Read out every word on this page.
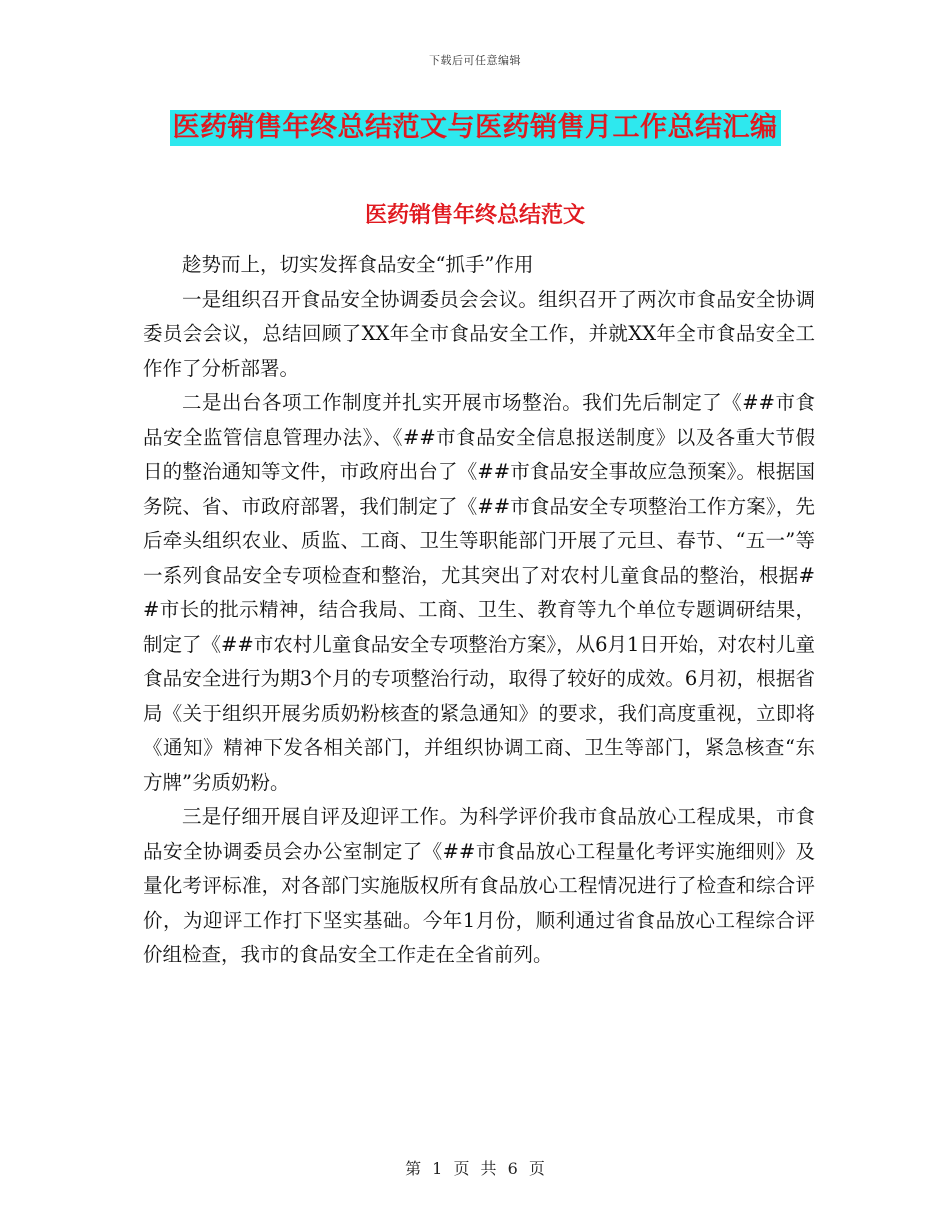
下载后可任意编辑
医药销售年终总结范文与医药销售月工作总结汇编
医药销售年终总结范文

趁势而上，切实发挥食品安全“抓手”作用

一是组织召开食品安全协调委员会会议。组织召开了两次市食品安全协调委员会会议，总结回顾了XX年全市食品安全工作，并就XX年全市食品安全工作作了分析部署。

二是出台各项工作制度并扎实开展市场整治。我们先后制定了《##市食品安全监管信息管理办法》、《##市食品安全信息报送制度》以及各重大节假日的整治通知等文件，市政府出台了《##市食品安全事故应急预案》。根据国务院、省、市政府部署，我们制定了《##市食品安全专项整治工作方案》，先后牵头组织农业、质监、工商、卫生等职能部门开展了元旦、春节、“五一”等一系列食品安全专项检查和整治，尤其突出了对农村儿童食品的整治，根据##市长的批示精神，结合我局、工商、卫生、教育等九个单位专题调研结果，制定了《##市农村儿童食品安全专项整治方案》，从6月1日开始，对农村儿童食品安全进行为期3个月的专项整治行动，取得了较好的成效。6月初，根据省局《关于组织开展劣质奶粉核查的紧急通知》的要求，我们高度重视，立即将《通知》精神下发各相关部门，并组织协调工商、卫生等部门，紧急核查“东方牌”劣质奶粉。

三是仔细开展自评及迎评工作。为科学评价我市食品放心工程成果，市食品安全协调委员会办公室制定了《##市食品放心工程量化考评实施细则》及量化考评标准，对各部门实施版权所有食品放心工程情况进行了检查和综合评价，为迎评工作打下坚实基础。今年1月份，顺利通过省食品放心工程综合评价组检查，我市的食品安全工作走在全省前列。

第 1 页 共 6 页
